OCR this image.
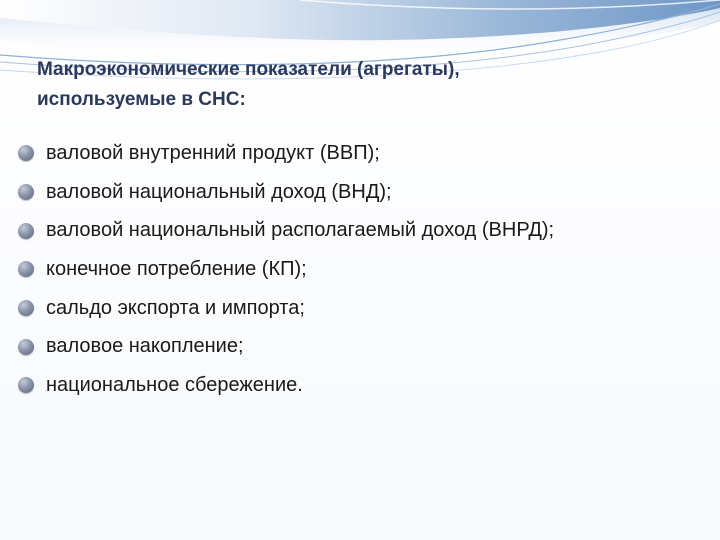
Макроэкономические показатели (агрегаты),
используемые в СНС:
валовой внутренний продукт (ВВП);
валовой национальный доход (ВНД);
валовой национальный располагаемый доход (ВНРД);
конечное потребление (КП);
сальдо экспорта и импорта;
валовое накопление;
национальное сбережение.
